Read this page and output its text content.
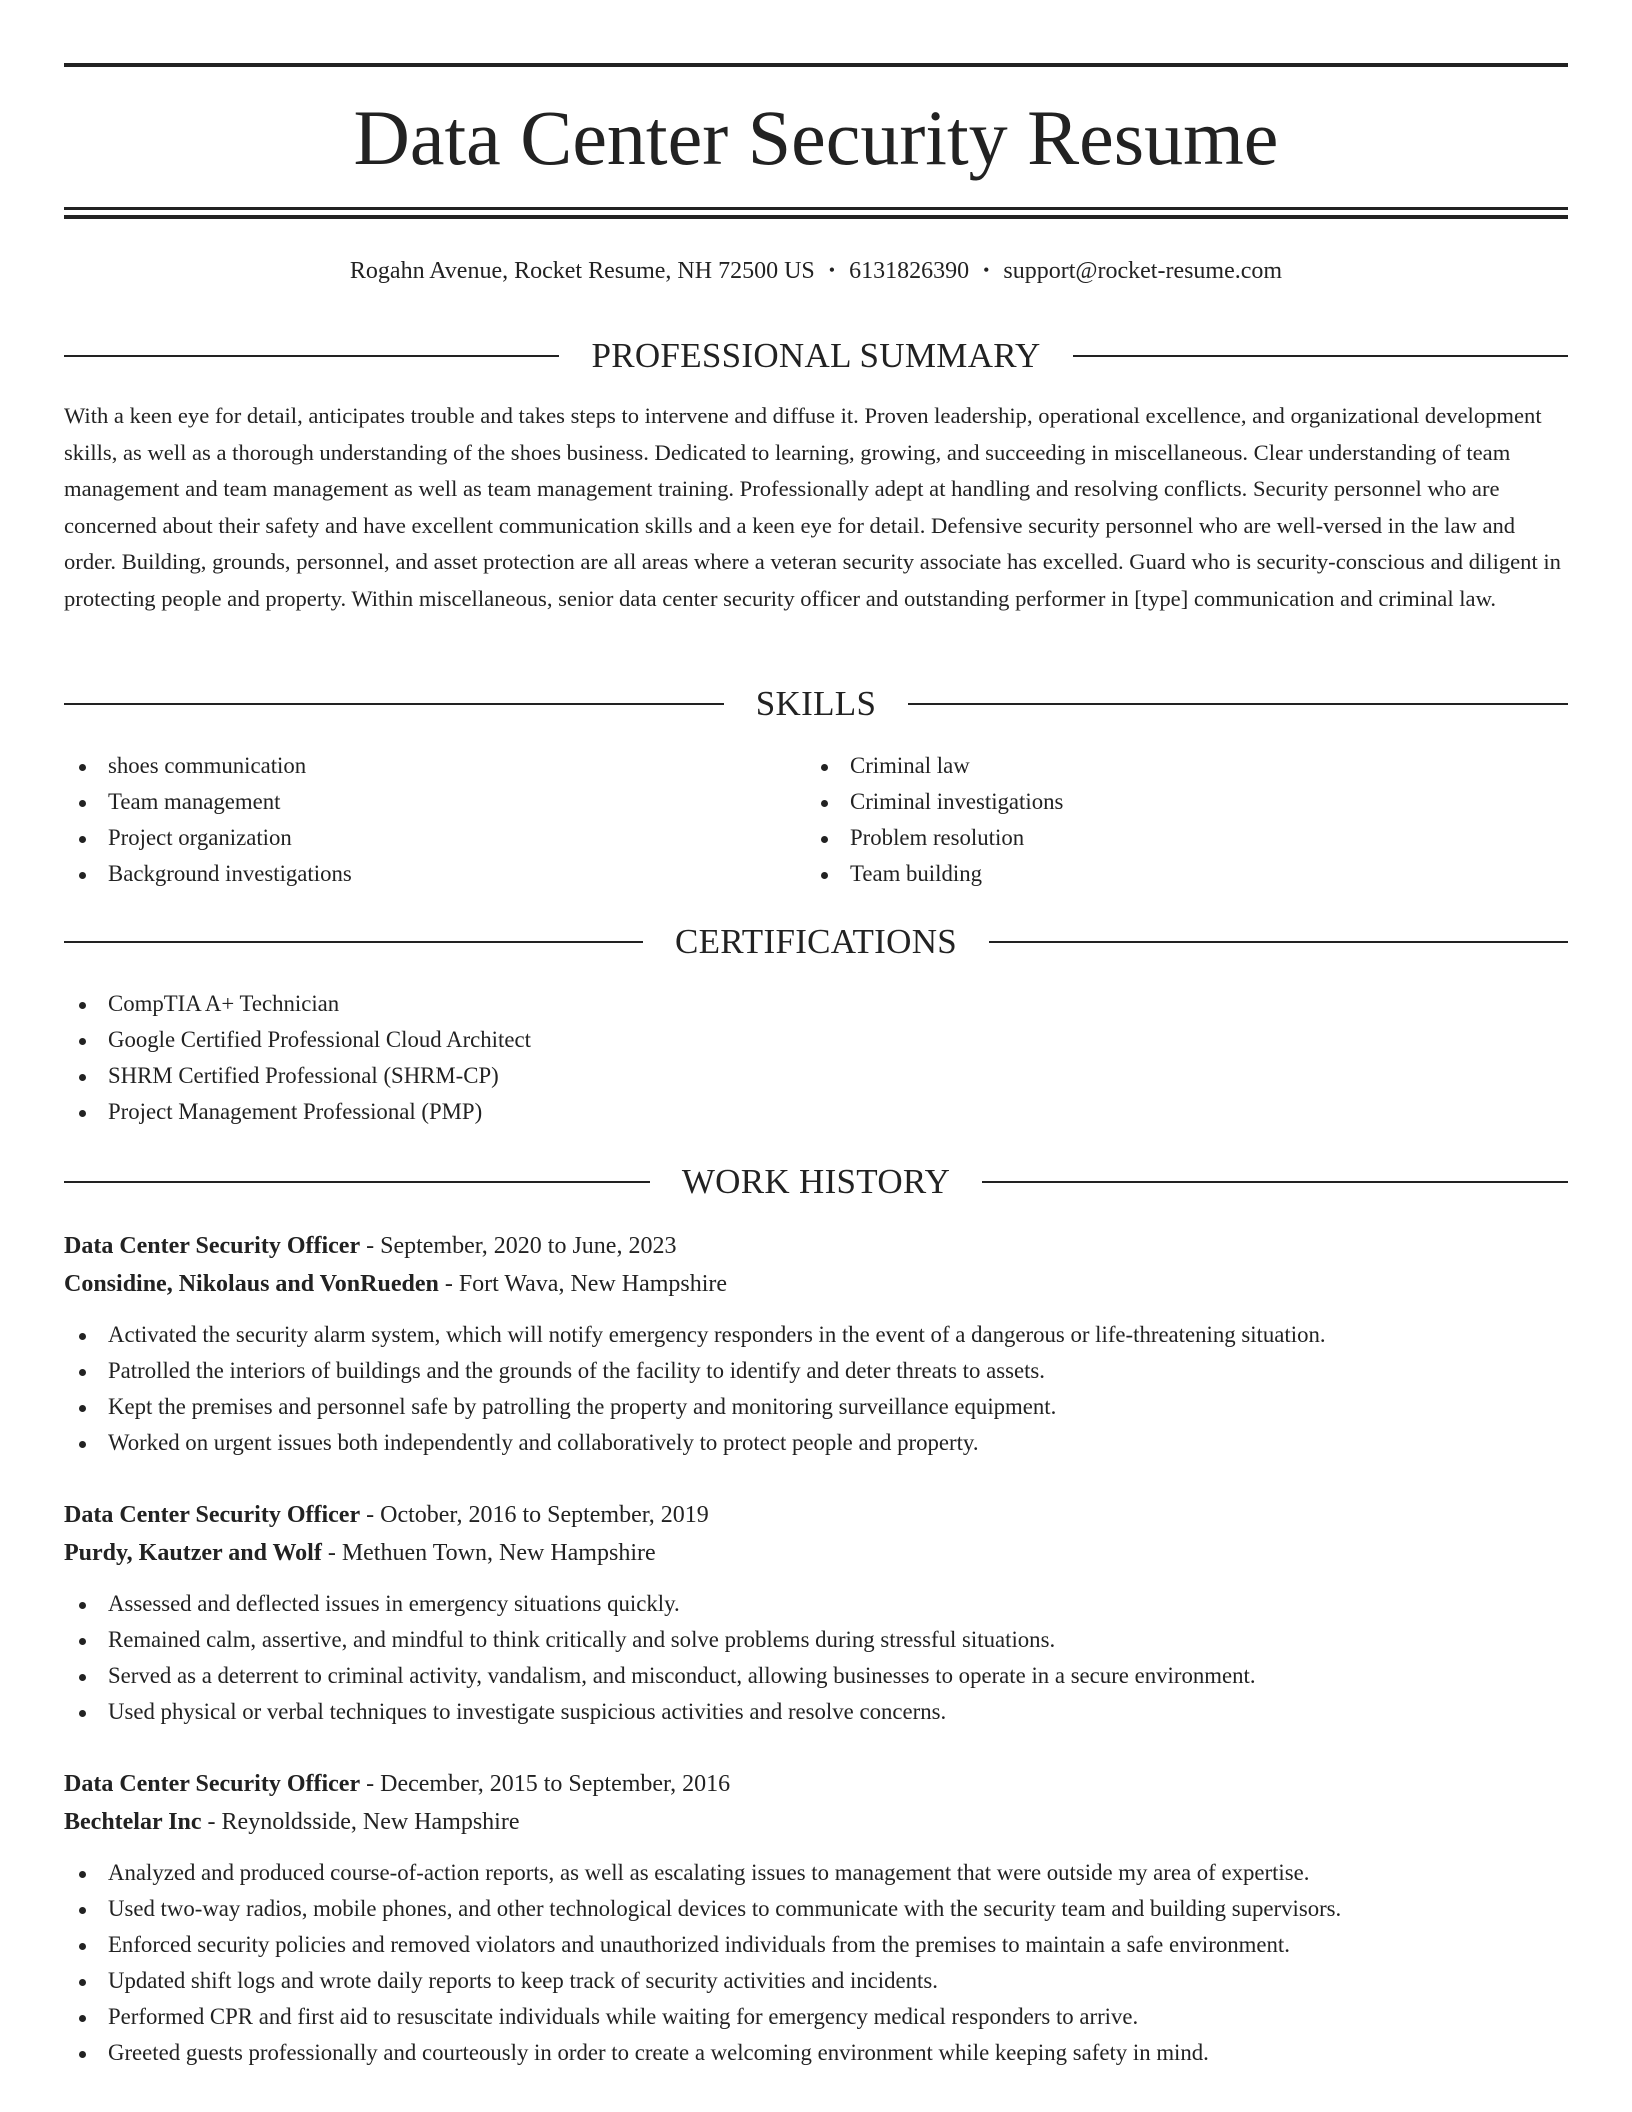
Data Center Security Resume
Rogahn Avenue, Rocket Resume, NH 72500 US • 6131826390 • support@rocket-resume.com
PROFESSIONAL SUMMARY

With a keen eye for detail, anticipates trouble and takes steps to intervene and diffuse it. Proven leadership, operational excellence, and organizational development skills, as well as a thorough understanding of the shoes business. Dedicated to learning, growing, and succeeding in miscellaneous. Clear understanding of team management and team management as well as team management training. Professionally adept at handling and resolving conflicts. Security personnel who are concerned about their safety and have excellent communication skills and a keen eye for detail. Defensive security personnel who are well-versed in the law and order. Building, grounds, personnel, and asset protection are all areas where a veteran security associate has excelled. Guard who is security-conscious and diligent in protecting people and property. Within miscellaneous, senior data center security officer and outstanding performer in [type] communication and criminal law.

SKILLS
shoes communication
Team management
Project organization
Background investigations
Criminal law
Criminal investigations
Problem resolution
Team building
CERTIFICATIONS
CompTIA A+ Technician
Google Certified Professional Cloud Architect
SHRM Certified Professional (SHRM-CP)
Project Management Professional (PMP)
WORK HISTORY
Data Center Security Officer - September, 2020 to June, 2023
Considine, Nikolaus and VonRueden - Fort Wava, New Hampshire
Activated the security alarm system, which will notify emergency responders in the event of a dangerous or life-threatening situation.
Patrolled the interiors of buildings and the grounds of the facility to identify and deter threats to assets.
Kept the premises and personnel safe by patrolling the property and monitoring surveillance equipment.
Worked on urgent issues both independently and collaboratively to protect people and property.
Data Center Security Officer - October, 2016 to September, 2019
Purdy, Kautzer and Wolf - Methuen Town, New Hampshire
Assessed and deflected issues in emergency situations quickly.
Remained calm, assertive, and mindful to think critically and solve problems during stressful situations.
Served as a deterrent to criminal activity, vandalism, and misconduct, allowing businesses to operate in a secure environment.
Used physical or verbal techniques to investigate suspicious activities and resolve concerns.
Data Center Security Officer - December, 2015 to September, 2016
Bechtelar Inc - Reynoldsside, New Hampshire
Analyzed and produced course-of-action reports, as well as escalating issues to management that were outside my area of expertise.
Used two-way radios, mobile phones, and other technological devices to communicate with the security team and building supervisors.
Enforced security policies and removed violators and unauthorized individuals from the premises to maintain a safe environment.
Updated shift logs and wrote daily reports to keep track of security activities and incidents.
Performed CPR and first aid to resuscitate individuals while waiting for emergency medical responders to arrive.
Greeted guests professionally and courteously in order to create a welcoming environment while keeping safety in mind.
